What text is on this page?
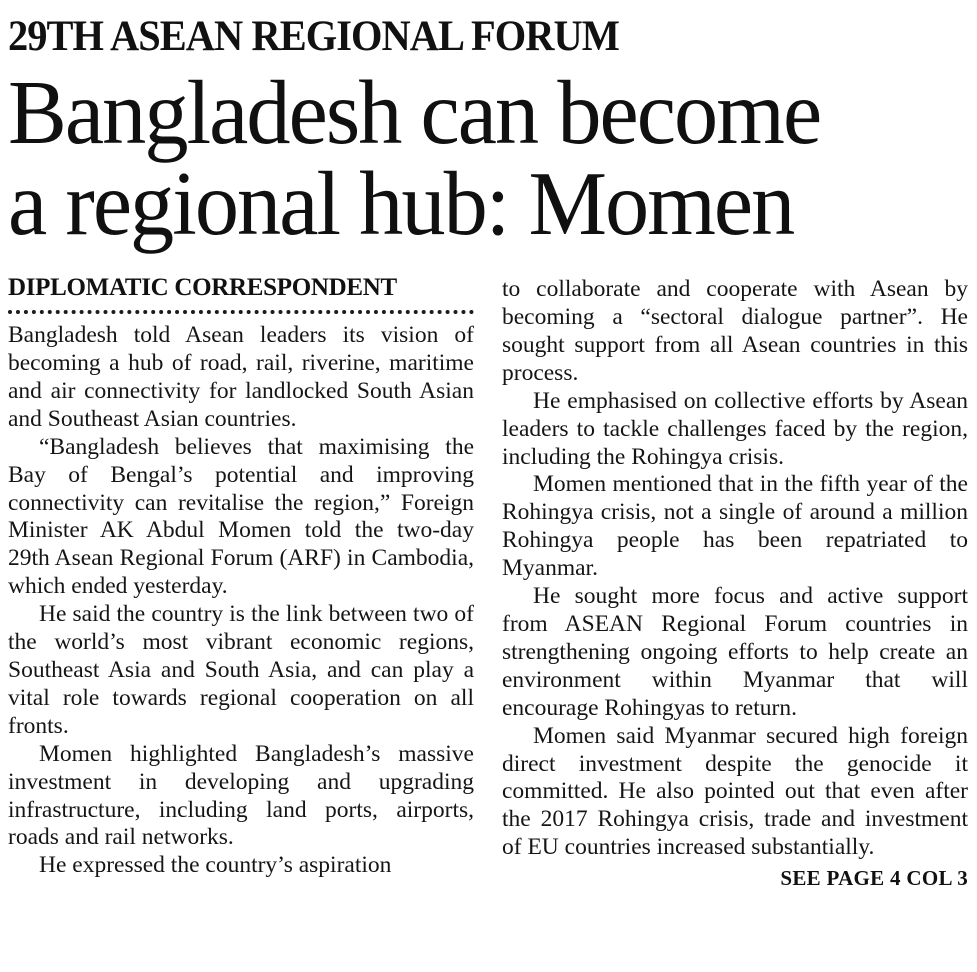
29TH ASEAN REGIONAL FORUM
Bangladesh can become
a regional hub: Momen
DIPLOMATIC CORRESPONDENT

Bangladesh told Asean leaders its vision of becoming a hub of road, rail, riverine, maritime and air connectivity for landlocked South Asian and Southeast Asian countries.

“Bangladesh believes that maximising the Bay of Bengal’s potential and improving connectivity can revitalise the region,” Foreign Minister AK Abdul Momen told the two-day 29th Asean Regional Forum (ARF) in Cambodia, which ended yesterday.

He said the country is the link between two of the world’s most vibrant economic regions, Southeast Asia and South Asia, and can play a vital role towards regional cooperation on all fronts.

Momen highlighted Bangladesh’s massive investment in developing and upgrading infrastructure, including land ports, airports, roads and rail networks.

He expressed the country’s aspiration

to collaborate and cooperate with Asean by becoming a “sectoral dialogue partner”. He sought support from all Asean countries in this process.

He emphasised on collective efforts by Asean leaders to tackle challenges faced by the region, including the Rohingya crisis.

Momen mentioned that in the fifth year of the Rohingya crisis, not a single of around a million Rohingya people has been repatriated to Myanmar.

He sought more focus and active support from ASEAN Regional Forum countries in strengthening ongoing efforts to help create an environment within Myanmar that will encourage Rohingyas to return.

Momen said Myanmar secured high foreign direct investment despite the genocide it committed. He also pointed out that even after the 2017 Rohingya crisis, trade and investment of EU countries increased substantially.

SEE PAGE 4 COL 3
